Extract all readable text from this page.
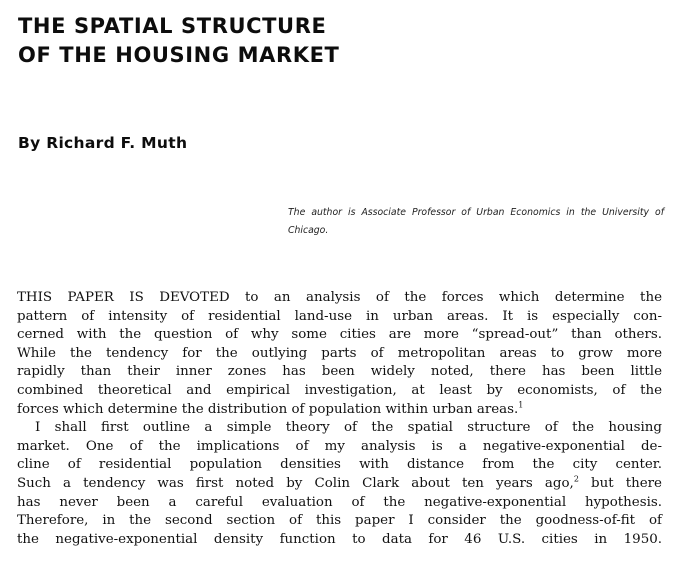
THE SPATIAL STRUCTURE
OF THE HOUSING MARKET

By Richard F. Muth

The author is Associate Professor of Urban Economics in the University of Chicago.

THIS PAPER IS DEVOTED to an analysis of the forces which determine the
pattern of intensity of residential land-use in urban areas. It is especially con-
cerned with the question of why some cities are more “spread-out” than others.
While the tendency for the outlying parts of metropolitan areas to grow more
rapidly than their inner zones has been widely noted, there has been little
combined theoretical and empirical investigation, at least by economists, of the
forces which determine the distribution of population within urban areas.$^1$
I shall first outline a simple theory of the spatial structure of the housing
market. One of the implications of my analysis is a negative-exponential de-
cline of residential population densities with distance from the city center.
Such a tendency was first noted by Colin Clark about ten years ago,$^2$ but there
has never been a careful evaluation of the negative-exponential hypothesis.
Therefore, in the second section of this paper I consider the goodness-of-fit of
the negative-exponential density function to data for 46 U.S. cities in 1950.
